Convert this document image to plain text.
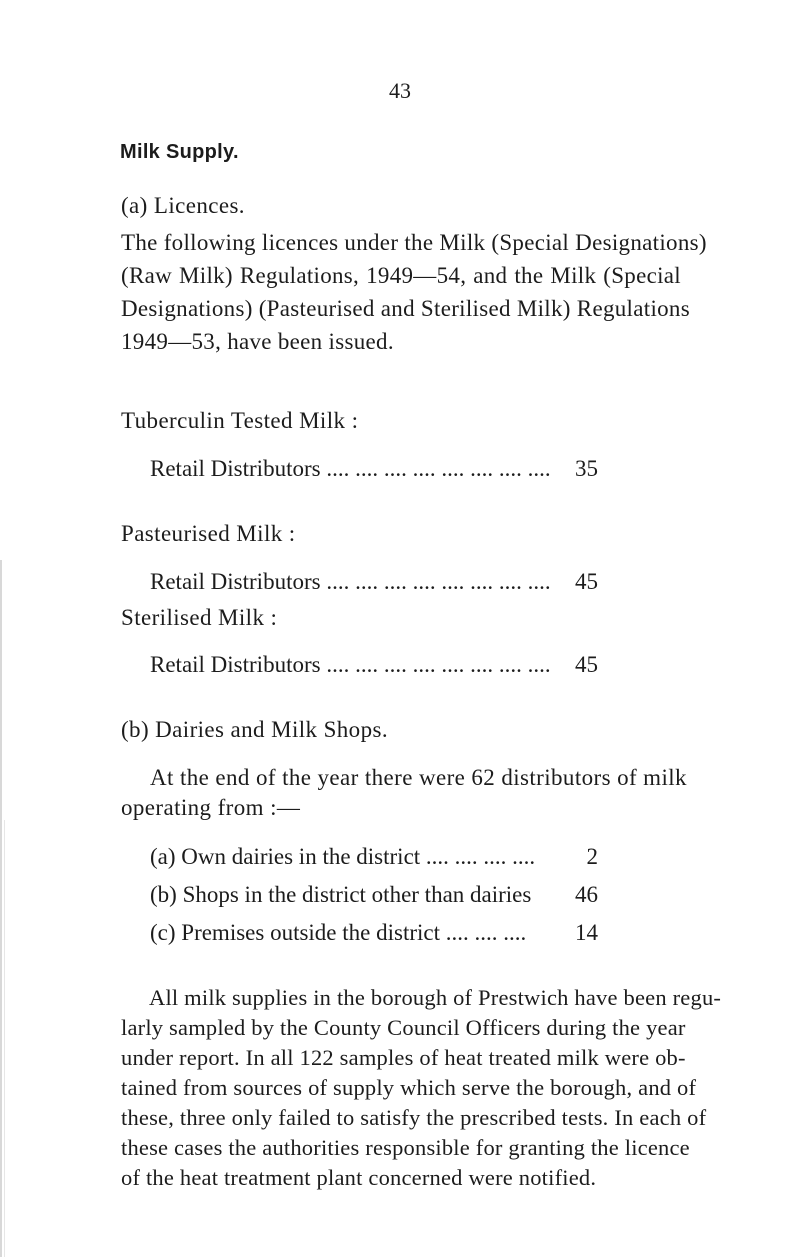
43
Milk Supply.
(a) Licences.
The following licences under the Milk (Special Designations)
(Raw Milk) Regulations, 1949—54, and the Milk (Special
Designations) (Pasteurised and Sterilised Milk) Regulations
1949—53, have been issued.
Tuberculin Tested Milk :
Retail Distributors .... .... .... .... .... .... .... .... 35
Pasteurised Milk :
Retail Distributors .... .... .... .... .... .... .... .... 45
Sterilised Milk :
Retail Distributors .... .... .... .... .... .... .... .... 45
(b) Dairies and Milk Shops.
At the end of the year there were 62 distributors of milk
operating from :—
(a) Own dairies in the district .... .... .... .... 2
(b) Shops in the district other than dairies 46
(c) Premises outside the district .... .... .... 14
All milk supplies in the borough of Prestwich have been regu-
larly sampled by the County Council Officers during the year
under report. In all 122 samples of heat treated milk were ob-
tained from sources of supply which serve the borough, and of
these, three only failed to satisfy the prescribed tests. In each of
these cases the authorities responsible for granting the licence
of the heat treatment plant concerned were notified.
